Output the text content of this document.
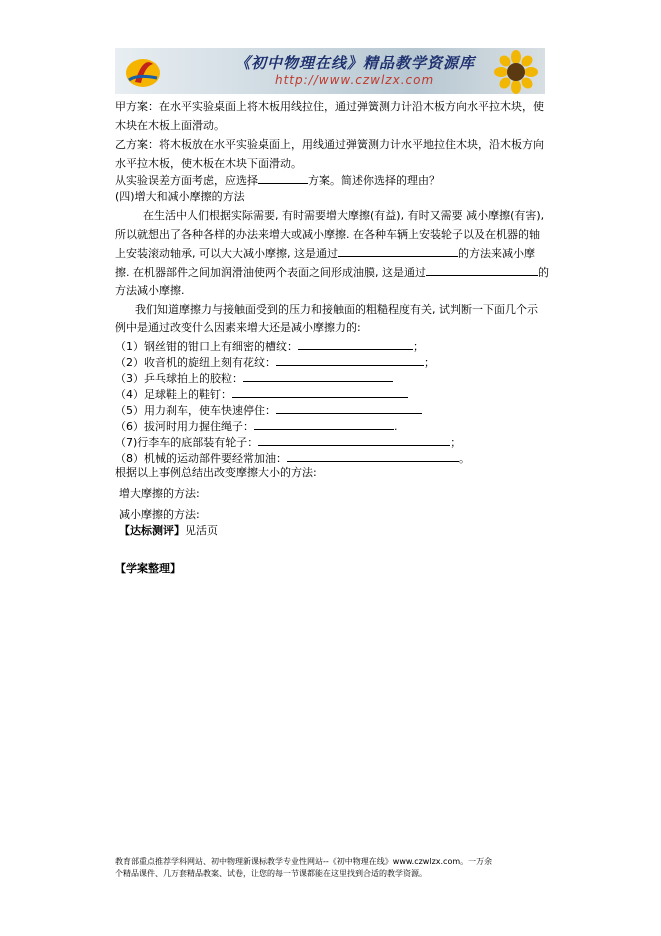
《初中物理在线》精品教学资源库
http://www.czwlzx.com
甲方案：在水平实验桌面上将木板用线拉住，通过弹簧测力计沿木板方向水平拉木块，使
木块在木板上面滑动。
乙方案：将木板放在水平实验桌面上，用线通过弹簧测力计水平地拉住木块，沿木板方向
水平拉木板，使木板在木块下面滑动。
从实验误差方面考虑，应选择	方案。简述你选择的理由？
(四)增大和减小摩擦的方法
在生活中人们根据实际需要, 有时需要增大摩擦(有益), 有时又需要 减小摩擦(有害),
所以就想出了各种各样的办法来增大或减小摩擦. 在各种车辆上安装轮子以及在机器的轴
上安装滚动轴承, 可以大大减小摩擦, 这是通过	的方法来减小摩
擦. 在机器部件之间加润滑油使两个表面之间形成油膜, 这是通过	的
方法减小摩擦.
我们知道摩擦力与接触面受到的压力和接触面的粗糙程度有关, 试判断一下面几个示
例中是通过改变什么因素来增大还是减小摩擦力的:
（1）钢丝钳的钳口上有细密的槽纹：	；
（2）收音机的旋纽上刻有花纹：	；
（3）乒乓球拍上的胶粒：
（4）足球鞋上的鞋钉：
（5）用力刹车，使车快速停住：
（6）拔河时用力握住绳子：	.
（7)行李车的底部装有轮子：	；
（8）机械的运动部件要经常加油：	。
根据以上事例总结出改变摩擦大小的方法:
增大摩擦的方法:
减小摩擦的方法:
【达标测评】见活页
【学案整理】
教育部重点推荐学科网站、初中物理新课标教学专业性网站--《初中物理在线》www.czwlzx.com。一万余
个精品课件、几万套精品教案、试卷，让您的每一节课都能在这里找到合适的教学资源。
